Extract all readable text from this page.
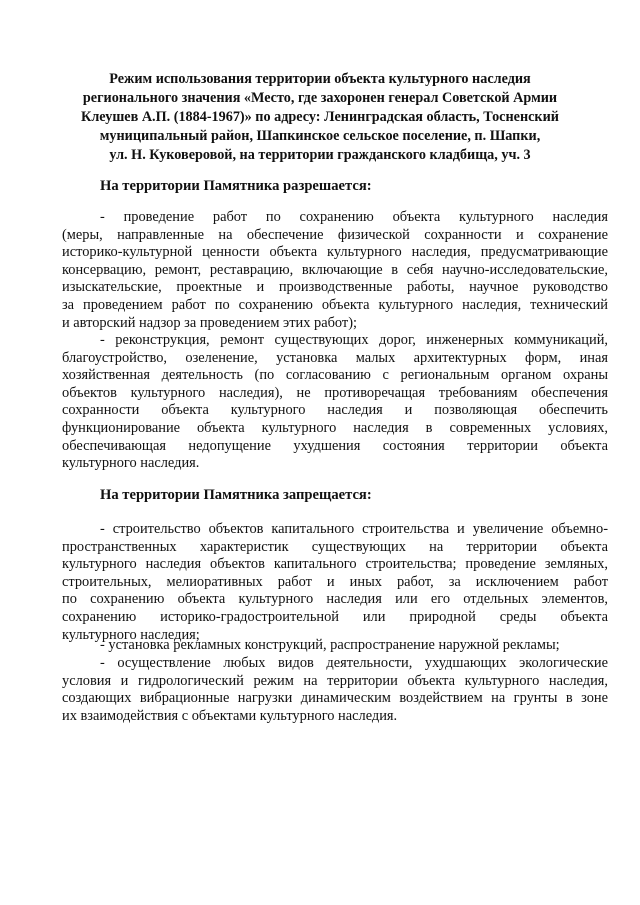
Режим использования территории объекта культурного наследия
регионального значения «Место, где захоронен генерал Советской Армии
Клеушев А.П. (1884-1967)» по адресу: Ленинградская область, Тосненский
муниципальный район, Шапкинское сельское поселение, п. Шапки,
ул. Н. Куковеровой, на территории гражданского кладбища, уч. 3
На территории Памятника разрешается:
- проведение работ по сохранению объекта культурного наследия
(меры, направленные на обеспечение физической сохранности и сохранение
историко-культурной ценности объекта культурного наследия, предусматривающие
консервацию, ремонт, реставрацию, включающие в себя научно-исследовательские,
изыскательские, проектные и производственные работы, научное руководство
за проведением работ по сохранению объекта культурного наследия, технический
и авторский надзор за проведением этих работ);
- реконструкция, ремонт существующих дорог, инженерных коммуникаций,
благоустройство, озеленение, установка малых архитектурных форм, иная
хозяйственная деятельность (по согласованию с региональным органом охраны
объектов культурного наследия), не противоречащая требованиям обеспечения
сохранности объекта культурного наследия и позволяющая обеспечить
функционирование объекта культурного наследия в современных условиях,
обеспечивающая недопущение ухудшения состояния территории объекта
культурного наследия.
На территории Памятника запрещается:
- строительство объектов капитального строительства и увеличение объемно-
пространственных характеристик существующих на территории объекта
культурного наследия объектов капитального строительства; проведение земляных,
строительных, мелиоративных работ и иных работ, за исключением работ
по сохранению объекта культурного наследия или его отдельных элементов,
сохранению историко-градостроительной или природной среды объекта
культурного наследия;
- установка рекламных конструкций, распространение наружной рекламы;
- осуществление любых видов деятельности, ухудшающих экологические
условия и гидрологический режим на территории объекта культурного наследия,
создающих вибрационные нагрузки динамическим воздействием на грунты в зоне
их взаимодействия с объектами культурного наследия.
